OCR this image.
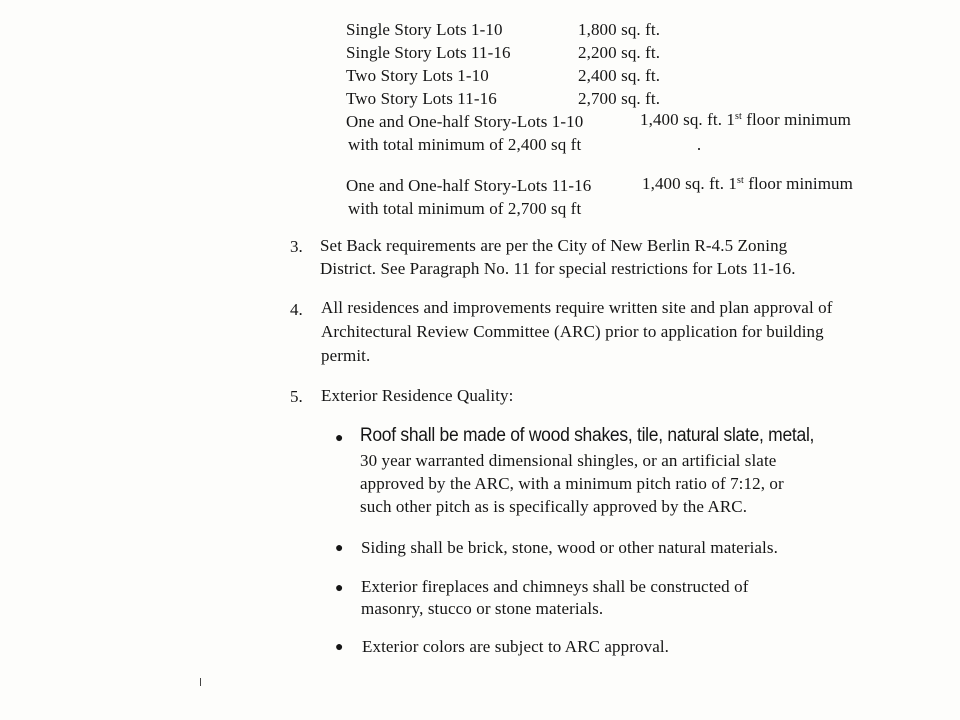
Single Story Lots 1-10	1,800 sq. ft.
Single Story Lots 11-16	2,200 sq. ft.
Two Story Lots 1-10	2,400 sq. ft.
Two Story Lots 11-16	2,700 sq. ft.
One and One-half Story-Lots 1-10	1,400 sq. ft. 1st floor minimum
with total minimum of 2,400 sq ft
One and One-half Story-Lots 11-16	1,400 sq. ft. 1st floor minimum
with total minimum of 2,700 sq ft
3. Set Back requirements are per the City of New Berlin R-4.5 Zoning
District. See Paragraph No. 11 for special restrictions for Lots 11-16.
4. All residences and improvements require written site and plan approval of
Architectural Review Committee (ARC) prior to application for building
permit.
5. Exterior Residence Quality:
● Roof shall be made of wood shakes, tile, natural slate, metal,
30 year warranted dimensional shingles, or an artificial slate
approved by the ARC, with a minimum pitch ratio of 7:12, or
such other pitch as is specifically approved by the ARC.
● Siding shall be brick, stone, wood or other natural materials.
● Exterior fireplaces and chimneys shall be constructed of
masonry, stucco or stone materials.
● Exterior colors are subject to ARC approval.
